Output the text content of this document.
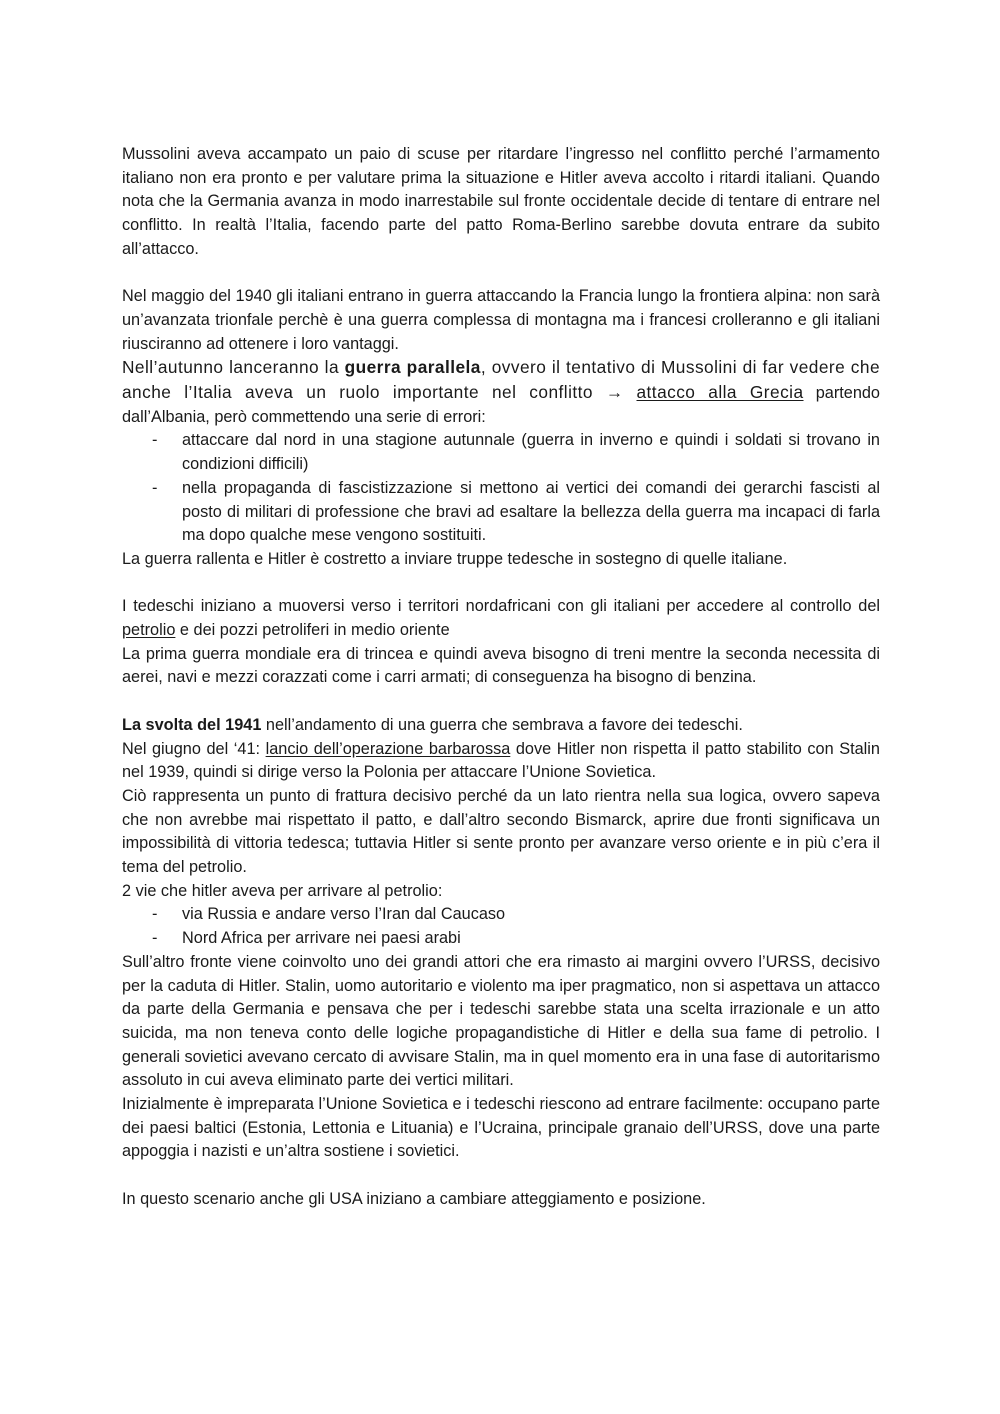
Mussolini aveva accampato un paio di scuse per ritardare l’ingresso nel conflitto perché l’armamento italiano non era pronto e per valutare prima la situazione e Hitler aveva accolto i ritardi italiani. Quando nota che la Germania avanza in modo inarrestabile sul fronte occidentale decide di tentare di entrare nel conflitto. In realtà l’Italia, facendo parte del patto Roma-Berlino sarebbe dovuta entrare da subito all’attacco.

Nel maggio del 1940 gli italiani entrano in guerra attaccando la Francia lungo la frontiera alpina: non sarà un’avanzata trionfale perchè è una guerra complessa di montagna ma i francesi crolleranno e gli italiani riusciranno ad ottenere i loro vantaggi.

Nell’autunno lanceranno la guerra parallela, ovvero il tentativo di Mussolini di far vedere che anche l’Italia aveva un ruolo importante nel conflitto → attacco alla Grecia partendo dall’Albania, però commettendo una serie di errori:

- attaccare dal nord in una stagione autunnale (guerra in inverno e quindi i soldati si trovano in condizioni difficili)
- nella propaganda di fascistizzazione si mettono ai vertici dei comandi dei gerarchi fascisti al posto di militari di professione che bravi ad esaltare la bellezza della guerra ma incapaci di farla ma dopo qualche mese vengono sostituiti.

La guerra rallenta e Hitler è costretto a inviare truppe tedesche in sostegno di quelle italiane.

I tedeschi iniziano a muoversi verso i territori nordafricani con gli italiani per accedere al controllo del petrolio e dei pozzi petroliferi in medio oriente

La prima guerra mondiale era di trincea e quindi aveva bisogno di treni mentre la seconda necessita di aerei, navi e mezzi corazzati come i carri armati; di conseguenza ha bisogno di benzina.

La svolta del 1941 nell’andamento di una guerra che sembrava a favore dei tedeschi.

Nel giugno del ‘41: lancio dell’operazione barbarossa dove Hitler non rispetta il patto stabilito con Stalin nel 1939, quindi si dirige verso la Polonia per attaccare l’Unione Sovietica.

Ciò rappresenta un punto di frattura decisivo perché da un lato rientra nella sua logica, ovvero sapeva che non avrebbe mai rispettato il patto, e dall’altro secondo Bismarck, aprire due fronti significava un impossibilità di vittoria tedesca; tuttavia Hitler si sente pronto per avanzare verso oriente e in più c’era il tema del petrolio.

2 vie che hitler aveva per arrivare al petrolio:

- via Russia e andare verso l’Iran dal Caucaso
- Nord Africa per arrivare nei paesi arabi

Sull’altro fronte viene coinvolto uno dei grandi attori che era rimasto ai margini ovvero l’URSS, decisivo per la caduta di Hitler. Stalin, uomo autoritario e violento ma iper pragmatico, non si aspettava un attacco da parte della Germania e pensava che per i tedeschi sarebbe stata una scelta irrazionale e un atto suicida, ma non teneva conto delle logiche propagandistiche di Hitler e della sua fame di petrolio. I generali sovietici avevano cercato di avvisare Stalin, ma in quel momento era in una fase di autoritarismo assoluto in cui aveva eliminato parte dei vertici militari.

Inizialmente è impreparata l’Unione Sovietica e i tedeschi riescono ad entrare facilmente: occupano parte dei paesi baltici (Estonia, Lettonia e Lituania) e l’Ucraina, principale granaio dell’URSS, dove una parte appoggia i nazisti e un’altra sostiene i sovietici.

In questo scenario anche gli USA iniziano a cambiare atteggiamento e posizione.
